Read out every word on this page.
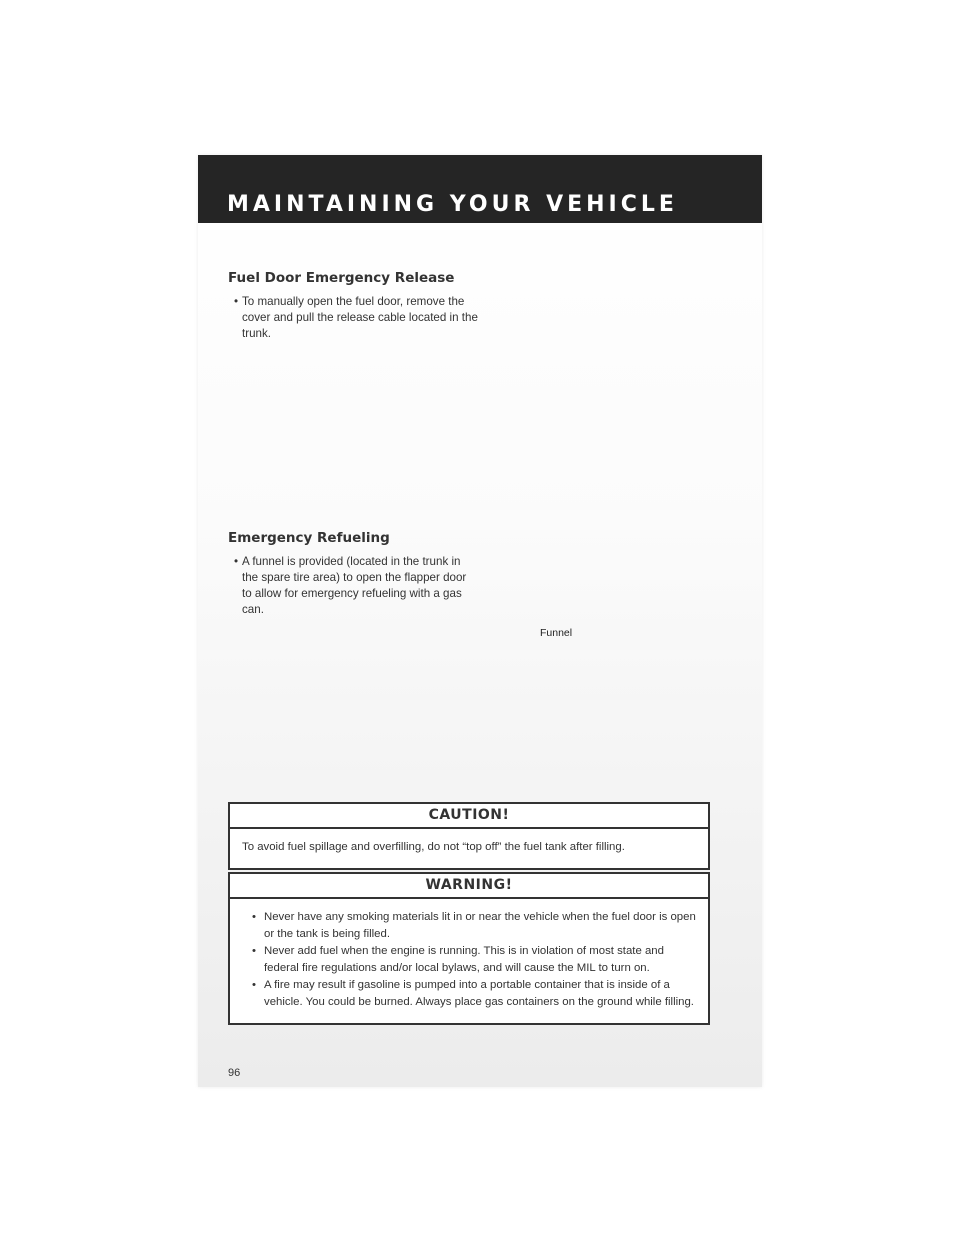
MAINTAINING YOUR VEHICLE
Fuel Door Emergency Release
• To manually open the fuel door, remove the cover and pull the release cable located in the trunk.
Emergency Refueling
• A funnel is provided (located in the trunk in the spare tire area) to open the flapper door to allow for emergency refueling with a gas can.
Funnel
CAUTION!
To avoid fuel spillage and overfilling, do not “top off” the fuel tank after filling.
WARNING!
• Never have any smoking materials lit in or near the vehicle when the fuel door is open or the tank is being filled.
• Never add fuel when the engine is running. This is in violation of most state and federal fire regulations and/or local bylaws, and will cause the MIL to turn on.
• A fire may result if gasoline is pumped into a portable container that is inside of a vehicle. You could be burned. Always place gas containers on the ground while filling.
96
